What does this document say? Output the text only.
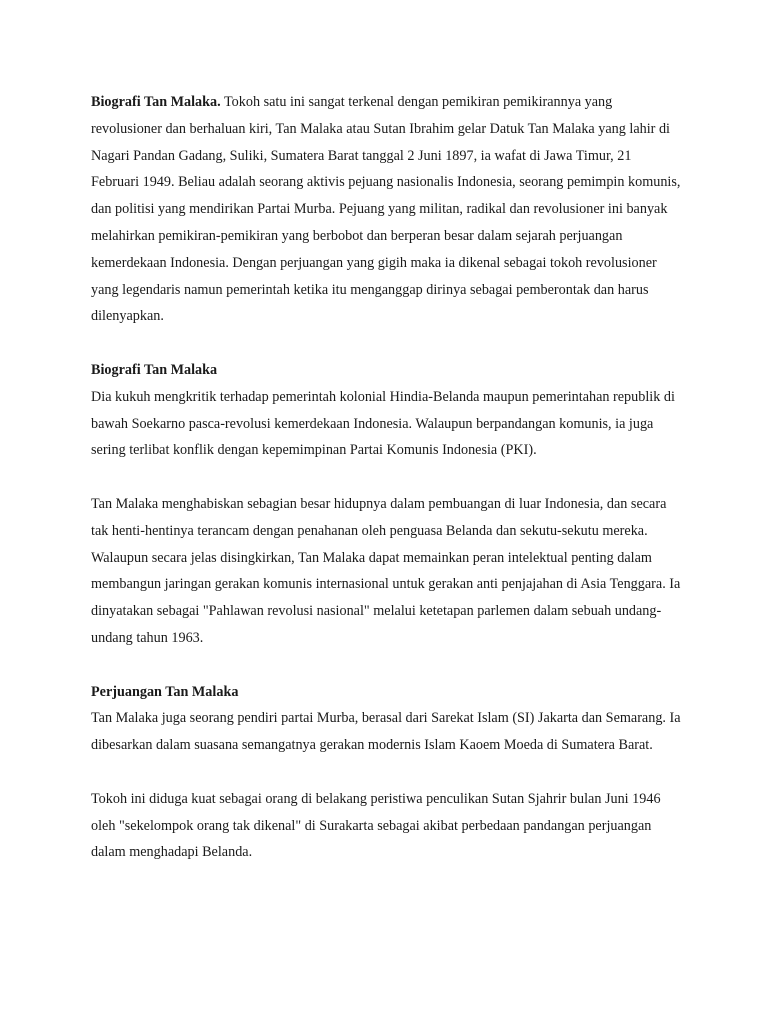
Biografi Tan Malaka. Tokoh satu ini sangat terkenal dengan pemikiran pemikirannya yang revolusioner dan berhaluan kiri, Tan Malaka atau Sutan Ibrahim gelar Datuk Tan Malaka yang lahir di Nagari Pandan Gadang, Suliki, Sumatera Barat tanggal 2 Juni 1897, ia wafat di Jawa Timur, 21 Februari 1949. Beliau adalah seorang aktivis pejuang nasionalis Indonesia, seorang pemimpin komunis, dan politisi yang mendirikan Partai Murba. Pejuang yang militan, radikal dan revolusioner ini banyak melahirkan pemikiran-pemikiran yang berbobot dan berperan besar dalam sejarah perjuangan kemerdekaan Indonesia. Dengan perjuangan yang gigih maka ia dikenal sebagai tokoh revolusioner yang legendaris namun pemerintah ketika itu menganggap dirinya sebagai pemberontak dan harus dilenyapkan.

Biografi Tan Malaka
Dia kukuh mengkritik terhadap pemerintah kolonial Hindia-Belanda maupun pemerintahan republik di bawah Soekarno pasca-revolusi kemerdekaan Indonesia. Walaupun berpandangan komunis, ia juga sering terlibat konflik dengan kepemimpinan Partai Komunis Indonesia (PKI).

Tan Malaka menghabiskan sebagian besar hidupnya dalam pembuangan di luar Indonesia, dan secara tak henti-hentinya terancam dengan penahanan oleh penguasa Belanda dan sekutu-sekutu mereka. Walaupun secara jelas disingkirkan, Tan Malaka dapat memainkan peran intelektual penting dalam membangun jaringan gerakan komunis internasional untuk gerakan anti penjajahan di Asia Tenggara. Ia dinyatakan sebagai "Pahlawan revolusi nasional" melalui ketetapan parlemen dalam sebuah undang-undang tahun 1963.

Perjuangan Tan Malaka
Tan Malaka juga seorang pendiri partai Murba, berasal dari Sarekat Islam (SI) Jakarta dan Semarang. Ia dibesarkan dalam suasana semangatnya gerakan modernis Islam Kaoem Moeda di Sumatera Barat.

Tokoh ini diduga kuat sebagai orang di belakang peristiwa penculikan Sutan Sjahrir bulan Juni 1946 oleh "sekelompok orang tak dikenal" di Surakarta sebagai akibat perbedaan pandangan perjuangan dalam menghadapi Belanda.
